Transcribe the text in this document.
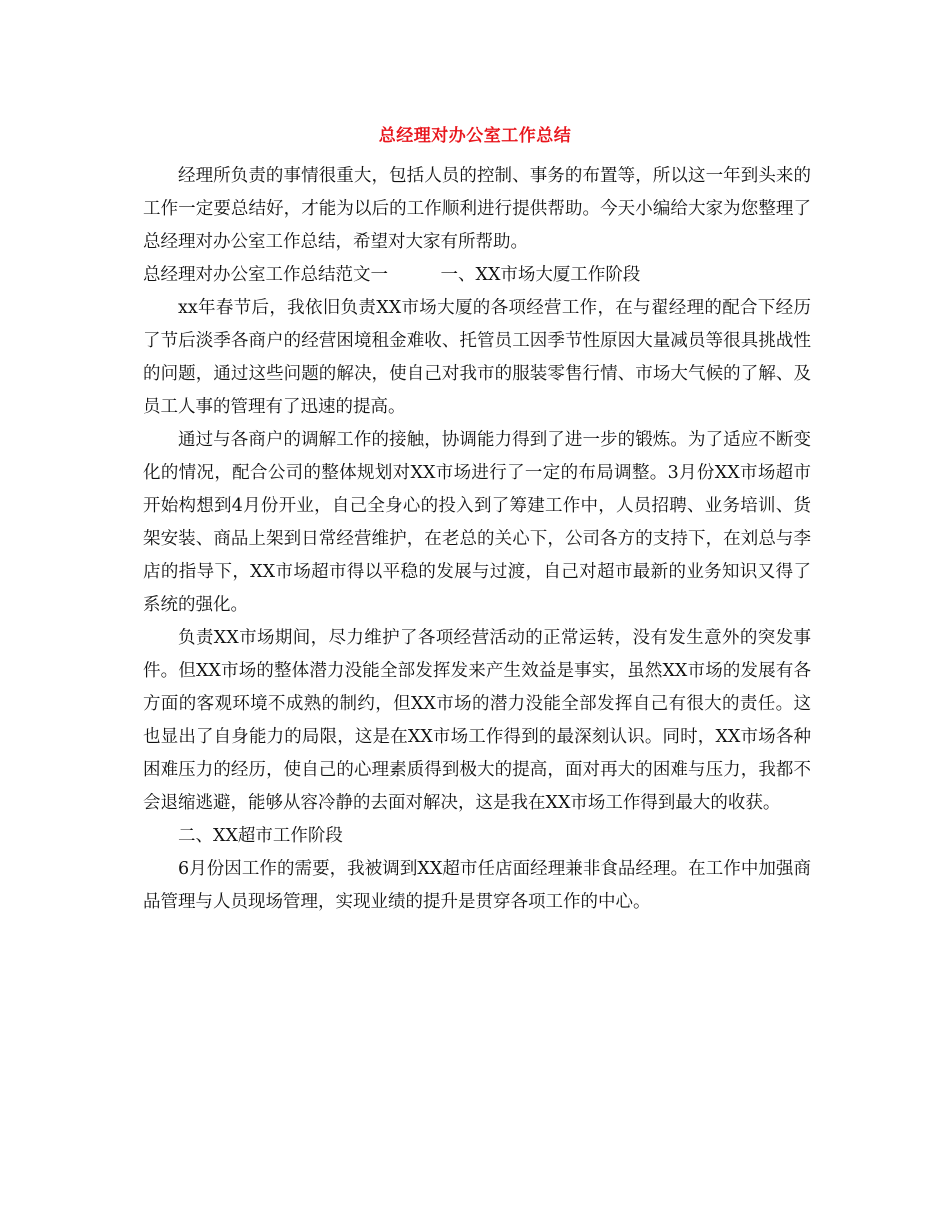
总经理对办公室工作总结

经理所负责的事情很重大，包括人员的控制、事务的布置等，所以这一年到头来的工作一定要总结好，才能为以后的工作顺利进行提供帮助。今天小编给大家为您整理了总经理对办公室工作总结，希望对大家有所帮助。

总经理对办公室工作总结范文一　　　一、XX市场大厦工作阶段

xx年春节后，我依旧负责XX市场大厦的各项经营工作，在与翟经理的配合下经历了节后淡季各商户的经营困境租金难收、托管员工因季节性原因大量减员等很具挑战性的问题，通过这些问题的解决，使自己对我市的服装零售行情、市场大气候的了解、及员工人事的管理有了迅速的提高。

通过与各商户的调解工作的接触，协调能力得到了进一步的锻炼。为了适应不断变化的情况，配合公司的整体规划对XX市场进行了一定的布局调整。3月份XX市场超市开始构想到4月份开业，自己全身心的投入到了筹建工作中，人员招聘、业务培训、货架安装、商品上架到日常经营维护，在老总的关心下，公司各方的支持下，在刘总与李店的指导下，XX市场超市得以平稳的发展与过渡，自己对超市最新的业务知识又得了系统的强化。

负责XX市场期间，尽力维护了各项经营活动的正常运转，没有发生意外的突发事件。但XX市场的整体潜力没能全部发挥发来产生效益是事实，虽然XX市场的发展有各方面的客观环境不成熟的制约，但XX市场的潜力没能全部发挥自己有很大的责任。这也显出了自身能力的局限，这是在XX市场工作得到的最深刻认识。同时，XX市场各种困难压力的经历，使自己的心理素质得到极大的提高，面对再大的困难与压力，我都不会退缩逃避，能够从容冷静的去面对解决，这是我在XX市场工作得到最大的收获。

二、XX超市工作阶段

6月份因工作的需要，我被调到XX超市任店面经理兼非食品经理。在工作中加强商品管理与人员现场管理，实现业绩的提升是贯穿各项工作的中心。
